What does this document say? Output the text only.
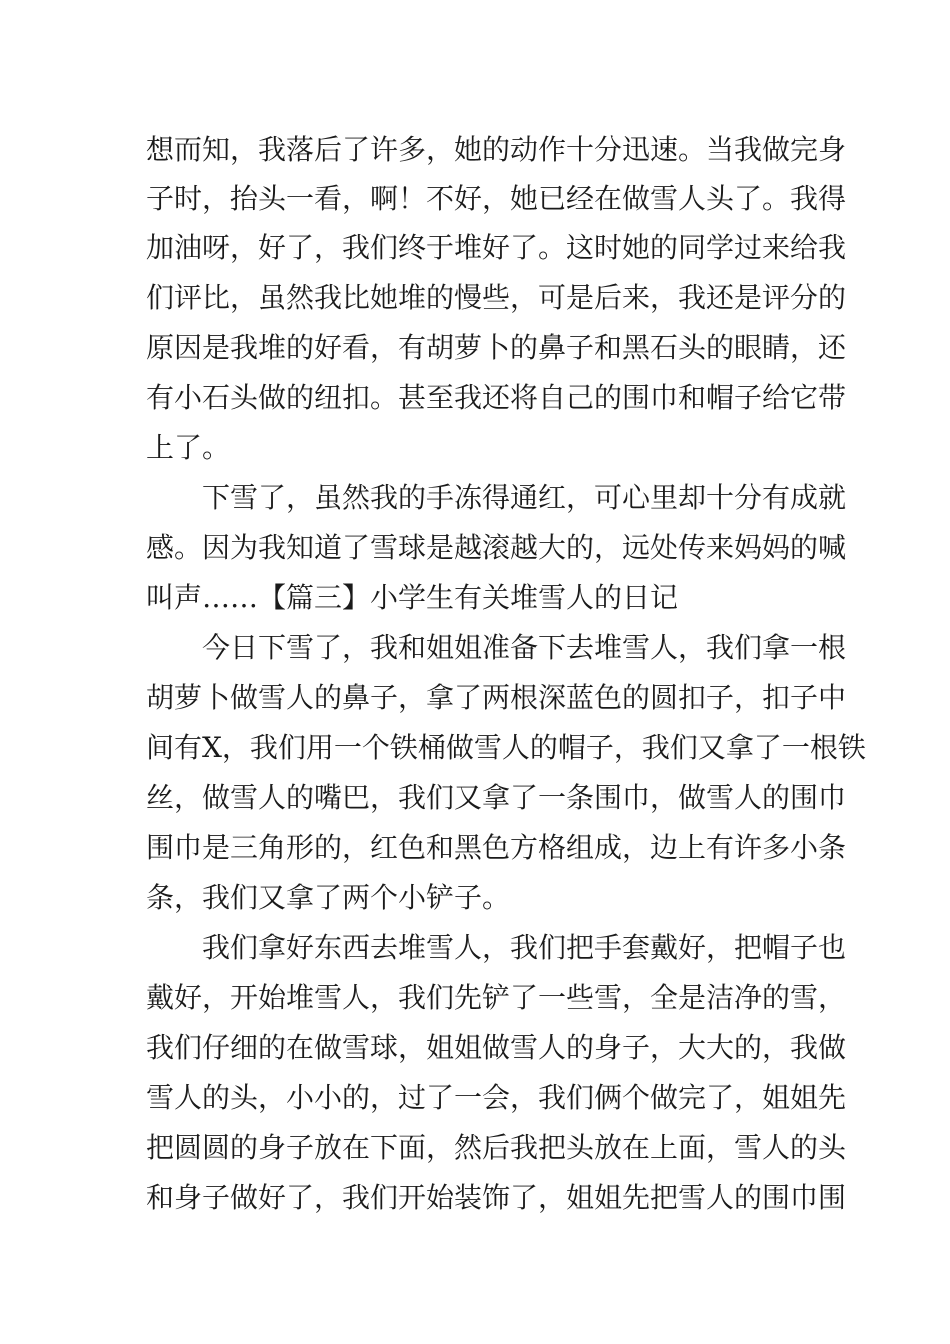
想而知，我落后了许多，她的动作十分迅速。当我做完身
子时，抬头一看，啊！不好，她已经在做雪人头了。我得
加油呀，好了，我们终于堆好了。这时她的同学过来给我
们评比，虽然我比她堆的慢些，可是后来，我还是评分的
原因是我堆的好看，有胡萝卜的鼻子和黑石头的眼睛，还
有小石头做的纽扣。甚至我还将自己的围巾和帽子给它带
上了。
下雪了，虽然我的手冻得通红，可心里却十分有成就
感。因为我知道了雪球是越滚越大的，远处传来妈妈的喊
叫声……【篇三】小学生有关堆雪人的日记
今日下雪了，我和姐姐准备下去堆雪人，我们拿一根
胡萝卜做雪人的鼻子，拿了两根深蓝色的圆扣子，扣子中
间有X，我们用一个铁桶做雪人的帽子，我们又拿了一根铁
丝，做雪人的嘴巴，我们又拿了一条围巾，做雪人的围巾
围巾是三角形的，红色和黑色方格组成，边上有许多小条
条，我们又拿了两个小铲子。
我们拿好东西去堆雪人，我们把手套戴好，把帽子也
戴好，开始堆雪人，我们先铲了一些雪，全是洁净的雪，
我们仔细的在做雪球，姐姐做雪人的身子，大大的，我做
雪人的头，小小的，过了一会，我们俩个做完了，姐姐先
把圆圆的身子放在下面，然后我把头放在上面，雪人的头
和身子做好了，我们开始装饰了，姐姐先把雪人的围巾围
